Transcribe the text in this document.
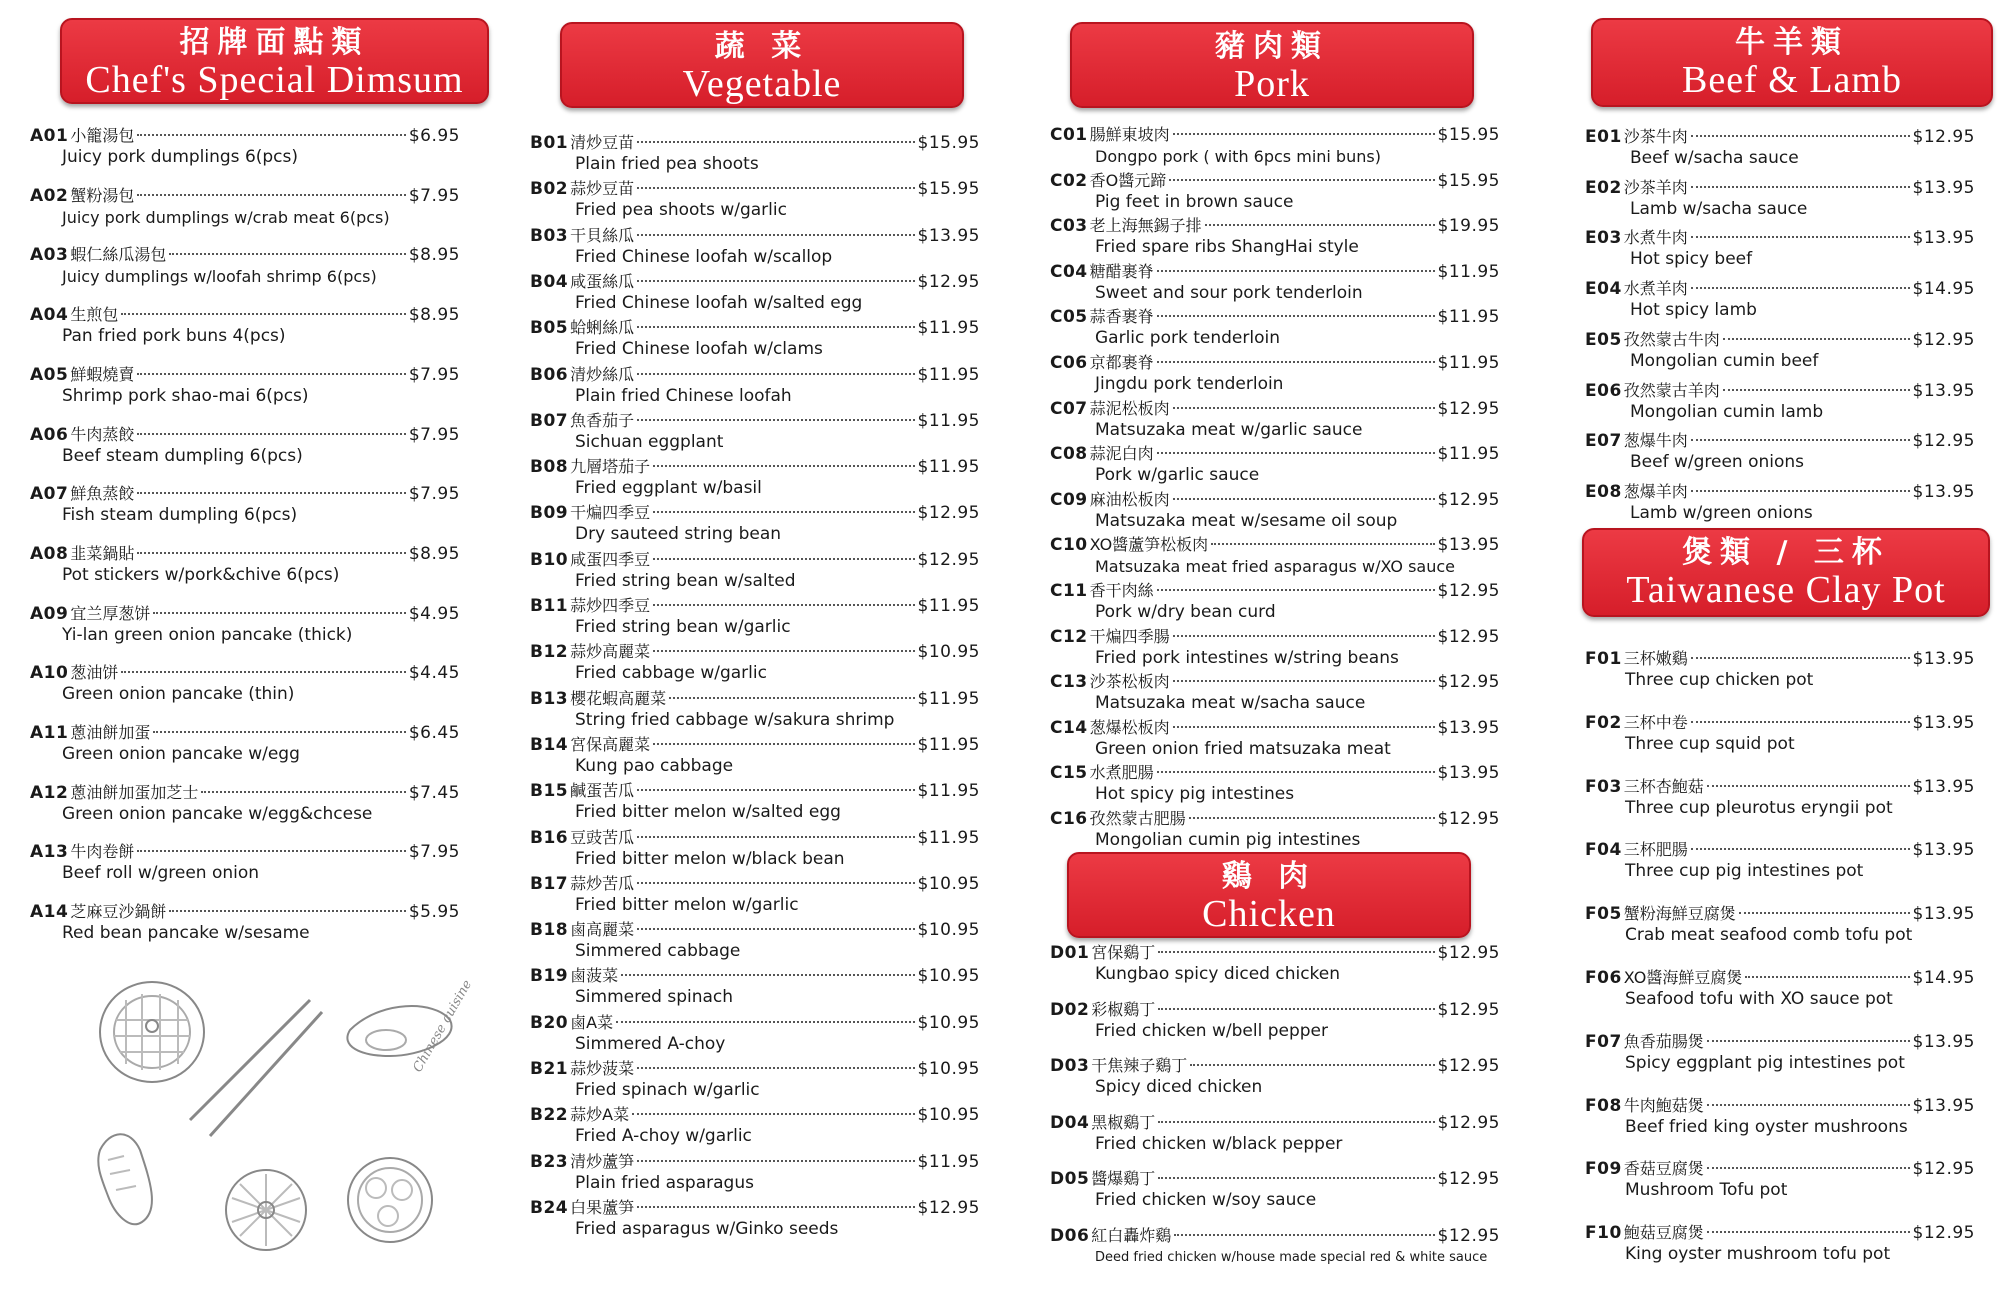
招牌面點類
Chef's Special Dimsum
A01 小籠湯包	$6.95
Juicy pork dumplings 6(pcs)
A02 蟹粉湯包	$7.95
Juicy pork dumplings w/crab meat 6(pcs)
A03 蝦仁絲瓜湯包	$8.95
Juicy dumplings w/loofah shrimp 6(pcs)
A04 生煎包	$8.95
Pan fried pork buns 4(pcs)
A05 鮮蝦燒賣	$7.95
Shrimp pork shao-mai 6(pcs)
A06 牛肉蒸餃	$7.95
Beef steam dumpling 6(pcs)
A07 鮮魚蒸餃	$7.95
Fish steam dumpling 6(pcs)
A08 韭菜鍋貼	$8.95
Pot stickers w/pork&chive 6(pcs)
A09 宜兰厚葱饼	$4.95
Yi-lan green onion pancake (thick)
A10 葱油饼	$4.45
Green onion pancake (thin)
A11 蔥油餅加蛋	$6.45
Green onion pancake w/egg
A12 蔥油餅加蛋加芝士	$7.45
Green onion pancake w/egg&chcese
A13 牛肉卷餅	$7.95
Beef roll w/green onion
A14 芝麻豆沙鍋餅	$5.95
Red bean pancake w/sesame
蔬 菜
Vegetable
B01 清炒豆苗	$15.95
Plain fried pea shoots
B02 蒜炒豆苗	$15.95
Fried pea shoots w/garlic
B03 干貝絲瓜	$13.95
Fried Chinese loofah w/scallop
B04 咸蛋絲瓜	$12.95
Fried Chinese loofah w/salted egg
B05 蛤蜊絲瓜	$11.95
Fried Chinese loofah w/clams
B06 清炒絲瓜	$11.95
Plain fried Chinese loofah
B07 魚香茄子	$11.95
Sichuan eggplant
B08 九層塔茄子	$11.95
Fried eggplant w/basil
B09 干煸四季豆	$12.95
Dry sauteed string bean
B10 咸蛋四季豆	$12.95
Fried string bean w/salted
B11 蒜炒四季豆	$11.95
Fried string bean w/garlic
B12 蒜炒高麗菜	$10.95
Fried cabbage w/garlic
B13 櫻花蝦高麗菜	$11.95
String fried cabbage w/sakura shrimp
B14 宮保高麗菜	$11.95
Kung pao cabbage
B15 鹹蛋苦瓜	$11.95
Fried bitter melon w/salted egg
B16 豆豉苦瓜	$11.95
Fried bitter melon w/black bean
B17 蒜炒苦瓜	$10.95
Fried bitter melon w/garlic
B18 鹵高麗菜	$10.95
Simmered cabbage
B19 鹵菠菜	$10.95
Simmered spinach
B20 鹵A菜	$10.95
Simmered A-choy
B21 蒜炒菠菜	$10.95
Fried spinach w/garlic
B22 蒜炒A菜	$10.95
Fried A-choy w/garlic
B23 清炒蘆笋	$11.95
Plain fried asparagus
B24 白果蘆笋	$12.95
Fried asparagus w/Ginko seeds
豬肉類
Pork
C01 腸鮮東坡肉	$15.95
Dongpo pork ( with 6pcs mini buns)
C02 香O醬元蹄	$15.95
Pig feet in brown sauce
C03 老上海無錫子排	$19.95
Fried spare ribs ShangHai style
C04 糖醋裹脊	$11.95
Sweet and sour pork tenderloin
C05 蒜香裹脊	$11.95
Garlic pork tenderloin
C06 京都裹脊	$11.95
Jingdu pork tenderloin
C07 蒜泥松板肉	$12.95
Matsuzaka meat w/garlic sauce
C08 蒜泥白肉	$11.95
Pork w/garlic sauce
C09 麻油松板肉	$12.95
Matsuzaka meat w/sesame oil soup
C10 XO醬蘆笋松板肉	$13.95
Matsuzaka meat fried asparagus w/XO sauce
C11 香干肉絲	$12.95
Pork w/dry bean curd
C12 干煸四季腸	$12.95
Fried pork intestines w/string beans
C13 沙茶松板肉	$12.95
Matsuzaka meat w/sacha sauce
C14 葱爆松板肉	$13.95
Green onion fried matsuzaka meat
C15 水煮肥腸	$13.95
Hot spicy pig intestines
C16 孜然蒙古肥腸	$12.95
Mongolian cumin pig intestines
鷄 肉
Chicken
D01 宮保鷄丁	$12.95
Kungbao spicy diced chicken
D02 彩椒鷄丁	$12.95
Fried chicken w/bell pepper
D03 干焦辣子鷄丁	$12.95
Spicy diced chicken
D04 黑椒鷄丁	$12.95
Fried chicken w/black pepper
D05 醬爆鷄丁	$12.95
Fried chicken w/soy sauce
D06 紅白轟炸鷄	$12.95
Deed fried chicken w/house made special red & white sauce
牛羊類
Beef & Lamb
E01 沙茶牛肉	$12.95
Beef w/sacha sauce
E02 沙茶羊肉	$13.95
Lamb w/sacha sauce
E03 水煮牛肉	$13.95
Hot spicy beef
E04 水煮羊肉	$14.95
Hot spicy lamb
E05 孜然蒙古牛肉	$12.95
Mongolian cumin beef
E06 孜然蒙古羊肉	$13.95
Mongolian cumin lamb
E07 葱爆牛肉	$12.95
Beef w/green onions
E08 葱爆羊肉	$13.95
Lamb w/green onions
煲類 / 三杯
Taiwanese Clay Pot
F01 三杯嫩鷄	$13.95
Three cup chicken pot
F02 三杯中卷	$13.95
Three cup squid pot
F03 三杯杏鮑菇	$13.95
Three cup pleurotus eryngii pot
F04 三杯肥腸	$13.95
Three cup pig intestines pot
F05 蟹粉海鮮豆腐煲	$13.95
Crab meat seafood comb tofu pot
F06 XO醬海鮮豆腐煲	$14.95
Seafood tofu with XO sauce pot
F07 魚香茄腸煲	$13.95
Spicy eggplant pig intestines pot
F08 牛肉鮑菇煲	$13.95
Beef fried king oyster mushroons
F09 香菇豆腐煲	$12.95
Mushroom Tofu pot
F10 鮑菇豆腐煲	$12.95
King oyster mushroom tofu pot
Chinese cuisine
